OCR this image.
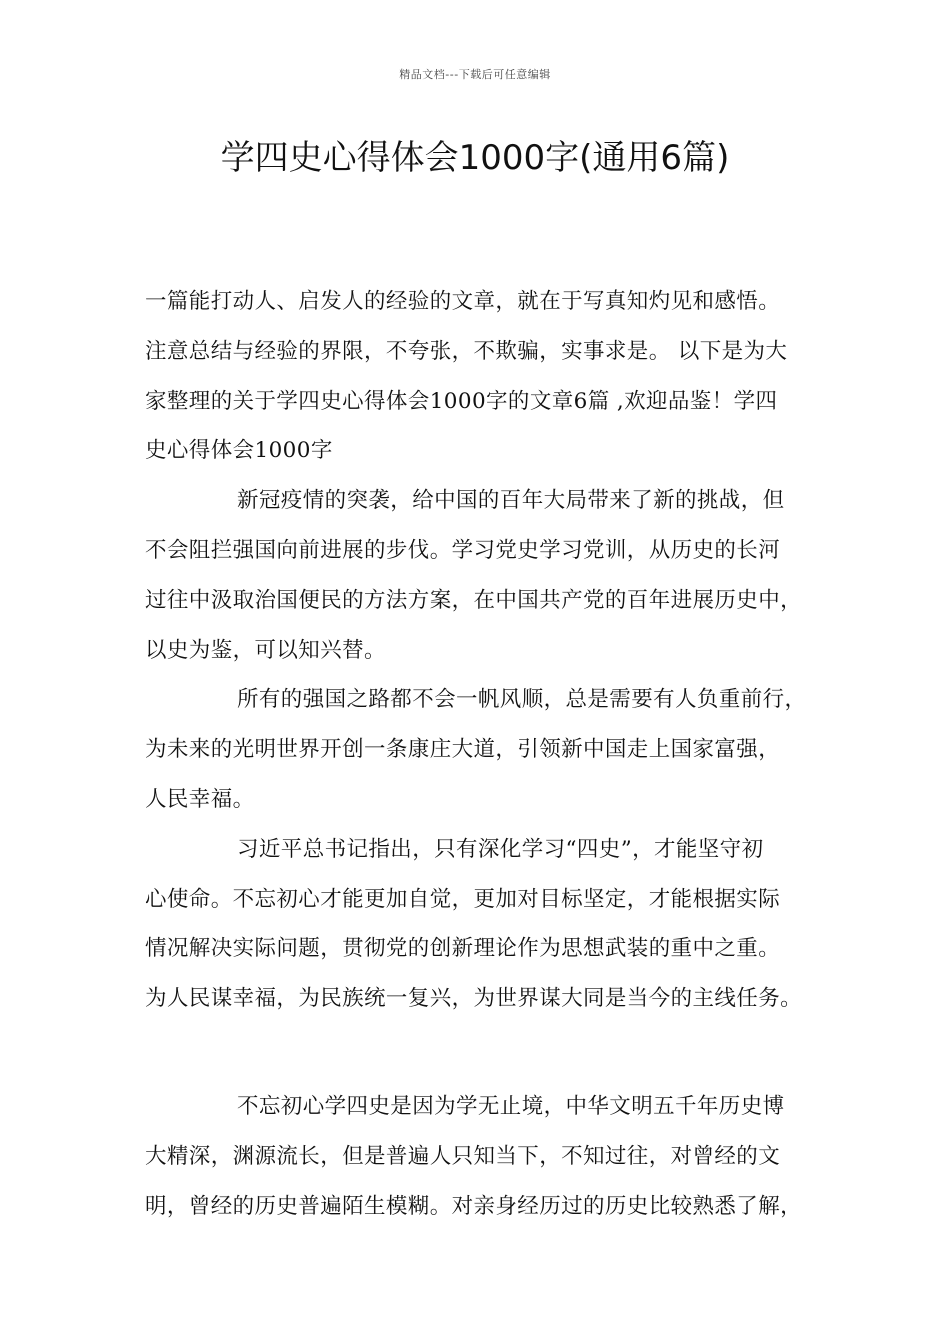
精品文档---下载后可任意编辑
学四史心得体会1000字(通用6篇)
一篇能打动人、启发人的经验的文章，就在于写真知灼见和感悟。
注意总结与经验的界限，不夸张，不欺骗，实事求是。 以下是为大
家整理的关于学四史心得体会1000字的文章6篇 ,欢迎品鉴！学四
史心得体会1000字
新冠疫情的突袭，给中国的百年大局带来了新的挑战，但
不会阻拦强国向前进展的步伐。学习党史学习党训，从历史的长河
过往中汲取治国便民的方法方案，在中国共产党的百年进展历史中，
以史为鉴，可以知兴替。
所有的强国之路都不会一帆风顺，总是需要有人负重前行，
为未来的光明世界开创一条康庄大道，引领新中国走上国家富强，
人民幸福。
习近平总书记指出，只有深化学习“四史”，才能坚守初
心使命。不忘初心才能更加自觉，更加对目标坚定，才能根据实际
情况解决实际问题，贯彻党的创新理论作为思想武装的重中之重。
为人民谋幸福，为民族统一复兴，为世界谋大同是当今的主线任务。
不忘初心学四史是因为学无止境，中华文明五千年历史博
大精深，渊源流长，但是普遍人只知当下，不知过往，对曾经的文
明，曾经的历史普遍陌生模糊。对亲身经历过的历史比较熟悉了解，
